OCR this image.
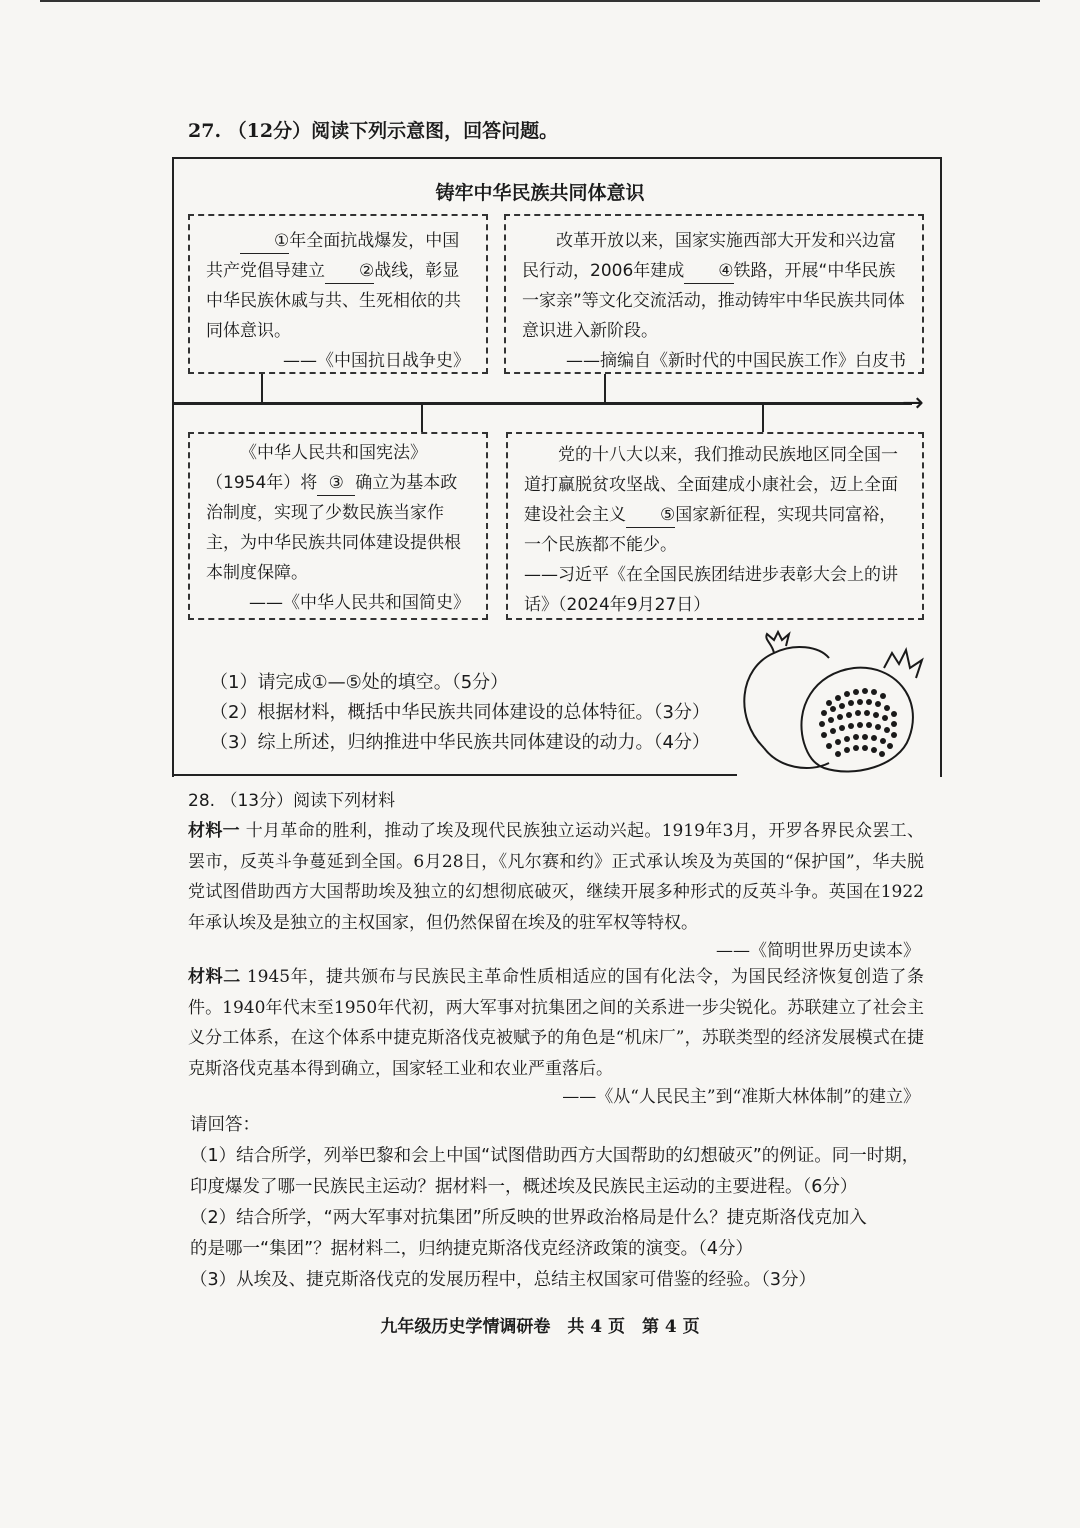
27. （12分）阅读下列示意图，回答问题。
铸牢中华民族共同体意识

①年全面抗战爆发，中国共产党倡导建立 ②战线，彰显中华民族休戚与共、生死相依的共同体意识。

——《中国抗日战争史》

改革开放以来，国家实施西部大开发和兴边富民行动，2006年建成 ④铁路，开展“中华民族一家亲”等文化交流活动，推动铸牢中华民族共同体意识进入新阶段。

——摘编自《新时代的中国民族工作》白皮书

→

《中华人民共和国宪法》

（1954年）将 ③ 确立为基本政治制度，实现了少数民族当家作主，为中华民族共同体建设提供根本制度保障。

——《中华人民共和国简史》

党的十八大以来，我们推动民族地区同全国一道打赢脱贫攻坚战、全面建成小康社会，迈上全面建设社会主义 ⑤国家新征程，实现共同富裕，一个民族都不能少。

——习近平《在全国民族团结进步表彰大会上的讲话》（2024年9月27日）

（1）请完成①—⑤处的填空。（5分）
（2）根据材料，概括中华民族共同体建设的总体特征。（3分）
（3）综上所述，归纳推进中华民族共同体建设的动力。（4分）
28. （13分）阅读下列材料
材料一 十月革命的胜利，推动了埃及现代民族独立运动兴起。1919年3月，开罗各界民众罢工、罢市，反英斗争蔓延到全国。6月28日，《凡尔赛和约》正式承认埃及为英国的“保护国”，华夫脱党试图借助西方大国帮助埃及独立的幻想彻底破灭，继续开展多种形式的反英斗争。英国在1922年承认埃及是独立的主权国家，但仍然保留在埃及的驻军权等特权。
——《简明世界历史读本》
材料二 1945年，捷共颁布与民族民主革命性质相适应的国有化法令，为国民经济恢复创造了条件。1940年代末至1950年代初，两大军事对抗集团之间的关系进一步尖锐化。苏联建立了社会主义分工体系，在这个体系中捷克斯洛伐克被赋予的角色是“机床厂”，苏联类型的经济发展模式在捷克斯洛伐克基本得到确立，国家轻工业和农业严重落后。
——《从“人民民主”到“准斯大林体制”的建立》
请回答：
（1）结合所学，列举巴黎和会上中国“试图借助西方大国帮助的幻想破灭”的例证。同一时期，
印度爆发了哪一民族民主运动？据材料一，概述埃及民族民主运动的主要进程。（6分）
（2）结合所学，“两大军事对抗集团”所反映的世界政治格局是什么？捷克斯洛伐克加入
的是哪一“集团”？据材料二，归纳捷克斯洛伐克经济政策的演变。（4分）
（3）从埃及、捷克斯洛伐克的发展历程中，总结主权国家可借鉴的经验。（3分）
九年级历史学情调研卷　共 4 页　第 4 页
